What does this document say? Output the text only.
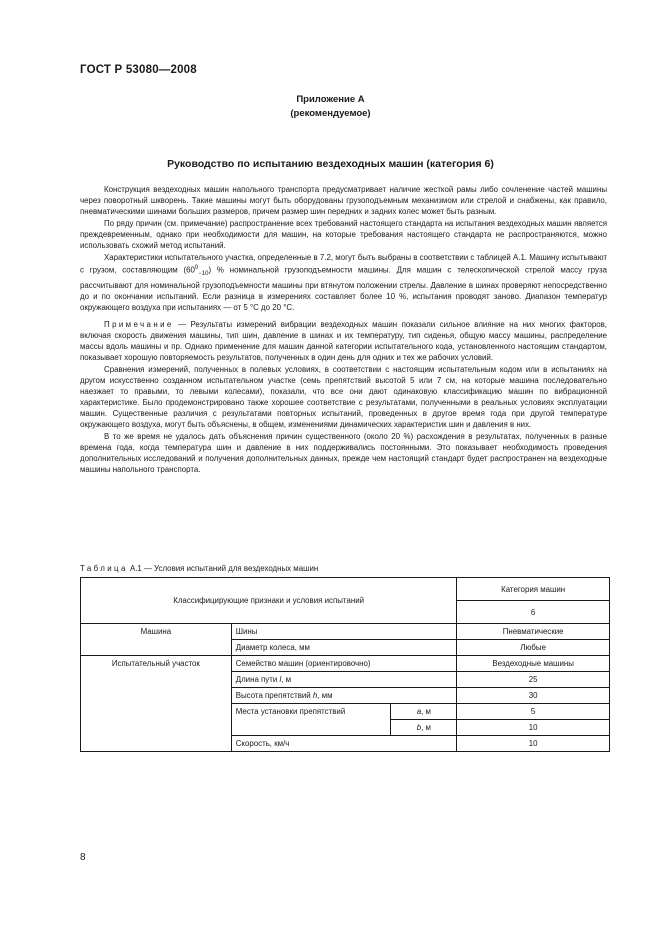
ГОСТ Р 53080—2008
Приложение А
(рекомендуемое)
Руководство по испытанию вездеходных машин (категория 6)

Конструкция вездеходных машин напольного транспорта предусматривает наличие жесткой рамы либо сочленение частей машины через поворотный шкворень. Такие машины могут быть оборудованы грузоподъемным механизмом или стрелой и снабжены, как правило, пневматическими шинами больших размеров, причем размер шин передних и задних колес может быть разным.

По ряду причин (см. примечание) распространение всех требований настоящего стандарта на испытания вездеходных машин является преждевременным, однако при необходимости для машин, на которые требования настоящего стандарта не распространяются, можно использовать схожий метод испытаний.

Характеристики испытательного участка, определенные в 7.2, могут быть выбраны в соответствии с таблицей А.1. Машину испытывают с грузом, составляющим $(60^0_{-10})$ % номинальной грузоподъемности машины. Для машин с телескопической стрелой массу груза рассчитывают для номинальной грузоподъемности машины при втянутом положении стрелы. Давление в шинах проверяют непосредственно до и по окончании испытаний. Если разница в измерениях составляет более 10 %, испытания проводят заново. Диапазон температур окружающего воздуха при испытаниях — от 5 °С до 20 °С.

Примечание — Результаты измерений вибрации вездеходных машин показали сильное влияние на них многих факторов, включая скорость движения машины, тип шин, давление в шинах и их температуру, тип сиденья, общую массу машины, распределение массы вдоль машины и пр. Однако применение для машин данной категории испытательного кода, установленного настоящим стандартом, показывает хорошую повторяемость результатов, полученных в один день для одних и тех же рабочих условий.

Сравнения измерений, полученных в полевых условиях, в соответствии с настоящим испытательным кодом или в испытаниях на другом искусственно созданном испытательном участке (семь препятствий высотой 5 или 7 см, на которые машина последовательно наезжает то правыми, то левыми колесами), показали, что все они дают одинаковую классификацию машин по вибрационной характеристике. Было продемонстрировано также хорошее соответствие с результатами, полученными в реальных условиях эксплуатации машин. Существенные различия с результатами повторных испытаний, проведенных в другое время года при другой температуре окружающего воздуха, могут быть объяснены, в общем, изменениями динамических характеристик шин и давления в них.

В то же время не удалось дать объяснения причин существенного (около 20 %) расхождения в результатах, полученных в разные времена года, когда температура шин и давление в них поддерживались постоянными. Это показывает необходимость проведения дополнительных исследований и получения дополнительных данных, прежде чем настоящий стандарт будет распространен на вездеходные машины напольного транспорта.

Таблица А.1 — Условия испытаний для вездеходных машин
Классифицирующие признаки и условия испытаний			Категория машин
			6
Машина	Шины		Пневматические
	Диаметр колеса, мм		Любые
Испытательный участок	Семейство машин (ориентировочно)		Вездеходные машины
	Длина пути l, м		25
	Высота препятствий h, мм		30
	Места установки препятствий	а, м	5
		b, м	10
	Скорость, км/ч		10
8
